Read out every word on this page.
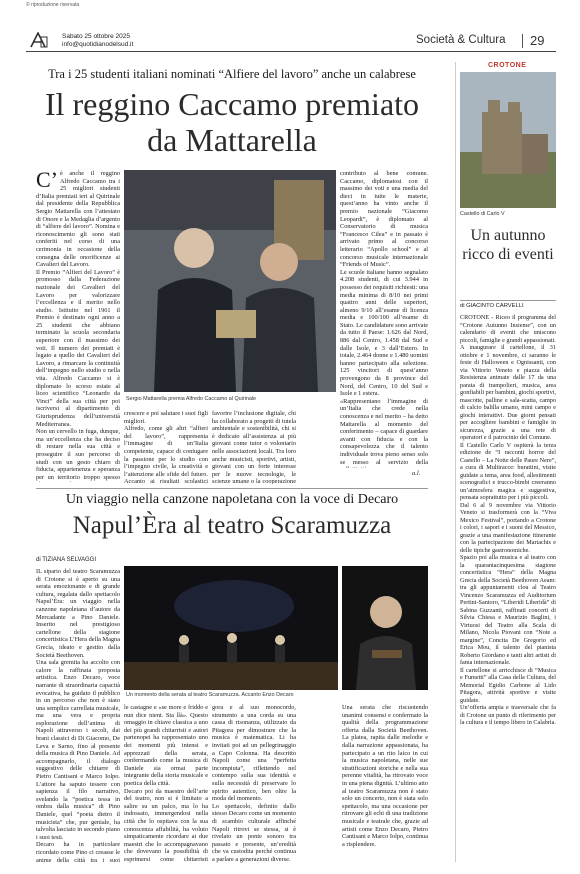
© riproduzione riservata
Sabato 25 ottobre 2025
info@quotidianodelsud.it	Società & Cultura 29
Tra i 25 studenti italiani nominati “Alfiere del lavoro” anche un calabrese
Il reggino Caccamo premiato da Mattarella
C’ è anche il reggino Alfredo Caccamo tra i 25 migliori studenti d’Italia premiati ieri al Quirinale dal presidente della Repubblica Sergio Mattarella con l’attestato di Onore e la Medaglia d’argento di “alfiere del lavoro”. Nomina e riconoscimento gli sono stati conferiti nel corso di una cerimonia in occasione della consegna delle onorificenze ai Cavalieri del Lavoro.
Il Premio “Alfieri del Lavoro” è promosso dalla Federazione nazionale dei Cavalieri del Lavoro per valorizzare l’eccellenza e il merito nello studio. Istituito nel 1961 il Premio è destinato ogni anno a 25 studenti che abbiano terminato la scuola secondaria superiore con il massimo dei voti. Il numero dei premiati è legato a quello dei Cavalieri del Lavoro, a rimarcare la continuità dell’impegno nello studio e nella vita. Alfredo Caccamo si è diplomato lo scorso estate al liceo scientifico “Leonardo da Vinci” della sua città per poi iscriversi al dipartimento di Giurisprudenza dell’università Mediterranea.
Non un cervello in fuga, dunque, ma un’eccellenza che ha deciso di restare nella sua città e proseguire il suo percorso di studi con un gesto chiaro di fiducia, appartenenza e speranza per un territorio troppo spesso

Sergio Mattarella premia Alfredo Caccamo al Quirinale

crescere e poi salutare i suoi figli migliori.
Alfredo, come gli altri “alfieri del lavoro”, rappresenta l’immagine di un’Italia competente, capace di coniugare la passione per lo studio con l’impegno civile, la creatività e l’attenzione alle sfide del futuro. Accanto ai risultati scolastici

favorire l’inclusione digitale, chi ha collaborato a progetti di tutela ambientale e sostenibilità, chi si è dedicato all’assistenza ai più giovani come tutor o volontario nelle associazioni locali. Tra loro anche musicisti, sportivi, artisti, giovani con un forte interesse per le nuove tecnologie, le scienze umane o la cooperazione

contributo al bene comune. Caccamo, diplomatosi con il massimo dei voti e una media del dieci in tutte le materie, quest’anno ha vinto anche il premio nazionale “Giacomo Leopardi”, è diplomato al Conservatorio di musica “Francesco Cilea” e in passato è arrivato primo al concorso letterario “Apollo school” e al concorso musicale internazionale “Friends of Music”.
Le scuole italiane hanno segnalato 4.208 studenti, di cui 3.944 in possesso dei requisiti richiesti: una media minima di 8/10 nei primi quattro anni delle superiori, almeno 9/10 all’esame di licenza media e 100/100 all’esame di Stato. Le candidature sono arrivate da tutto il Paese: 1.626 dal Nord, 886 dal Centro, 1.458 dal Sud e dalle Isole, e 3 dall’Estero. In totale, 2.464 donne e 1.480 uomini hanno partecipato alla selezione. 125 vincitori di quest’anno provengono da 8 province del Nord, del Centro, 10 del Sud e Isole e 1 estera.
«Rappresentano l’immagine di un’Italia che crede nella conoscenza e nel merito – ha detto Mattarella al momento del conferimento – capace di guardare avanti con fiducia e con la consapevolezza che il talento individuale trova pieno senso solo se messo al servizio della

a.l.
CROTONE
Castello di Carlo V
Un autunno ricco di eventi
di GIACINTO CARVELLI

CROTONE - Riceo il programma del “Crotone Autunno Insieme”, con un calendario di eventi che uniscono piccoli, famiglie e grandi appassionati.
A inaugurare il cartellone, il 31 ottobre e 1 novembre, ci saranno le feste di Halloween e Ognissanti, con via Vittorio Veneto e piazza della Resistenza animate dalle 17 da una parata di trampolieri, musica, area gonfiabili per bambini, giochi sportivi, mascotte, palline e sala-scatta, campo di calcio balilla umano, mini campo e giochi interattivi. Due giorni pensati per accogliere bambini e famiglie in sicurezza, grazie a una rete di operatori e il patrocinio del Comune.
Il Castello Carlo V ospiterà la terza edizione de “I racconti horror del Castello – La Notte delle Paure Nere”, a cura di Multiracce: burattini, visite guidate a tema, area food, allestimenti scenografici e trucco-bimbi creeranno un’atmosfera magica e suggestiva, pensata soprattutto per i più piccoli.
Dal 6 al 9 novembre via Vittorio Veneto si trasformerà con la “Viva Mexico Festival”, portando a Crotone i colori, i sapori e i suoni del Messico, grazie a una manifestazione itinerante con la partecipazione dei Mariachis e delle tipiche gastronomiche.
Spazio poi alla musica e al teatro con la quarantacinquesima stagione concertistica “Hera” della Magna Grecia della Società Beethoven Aeam: tra gli appuntamenti clou al Teatro Vincenzo Scaramuzza ed Auditorium Pertini-Santoro, “Liberidi Liberidà” di Sabina Guzzanti, raffinati concerti di Silvia Chiesa e Maurizio Baglini, i Virtuosi del Teatro alla Scala di Milano, Nicola Piovani con “Note a margine”, Concita De Gregorio ed Erica Mou, il talento del pianista Roberto Giordano e tanti altri artisti di fama internazionale.
Il cartellone si arricchisce di “Musica e Fumetti” alla Casa della Cultura, del Memorial Egidio Carbone al Lido Pitagora, attività sportive e visite guidate.
Un’offerta ampia e trasversale che fa di Crotone un punto di riferimento per la cultura e il tempo libero in Calabria.

Un viaggio nella canzone napoletana con la voce di Decaro
Napul’Èra al teatro Scaramuzza
di TIZIANA SELVAGGI

IL sipario del teatro Scaramuzza di Crotone si è aperto su una serata emozionante e di grande cultura, regalata dallo spettacolo Napul’Èra: un viaggio nella canzone napoletana d’autore da Mercadante a Pino Daniele. Inserito nel prestigioso cartellone della stagione concertistica L’Hera della Magna Grecia, ideato e gestito dalla Società Beethoven.
Una sala gremita ha accolto con calore la raffinata proposta artistica. Enzo Decaro, voce narrante di straordinaria capacità evocativa, ha guidato il pubblico in un percorso che non è stato una semplice carrellata musicale, ma una vera e propria esplorazione dell’anima di Napoli attraverso i secoli, dai brani classici di Di Giacomo, De Leva e Sarno, fino al presente della musica di Pino Daniele. Ad accompagnarlo, il dialogo suggestivo delle chitarre di Pietro Cantisani e Marco Iolpo. L’attore ha saputo tessere con sapienza il filo narrativo, svelando la “poetica tessa in ombra dalla musica” di Pino Daniele, quel “poeta dietro il musicista” che, pur geniale, ha talvolta lasciato in secondo piano i suoi testi.
Decaro ha in particolare ricordato come Pino ci creasse le anime della città tra i suoi

Un momento della serata al teatro Scaramuzza. Accanto Enzo Decaro

le castagne e «se more e friddo e nun dice nient. Sta llà». Questo omaggio in chiave classica a uno dei più grandi chitarristi e autori partenopei ha rappresentato uno dei momenti più intensi e apprezzati della serata, confermando come la musica di Daniele sia ormai parte integrante della storia musicale e poetica della città.
Decaro poi da maestro dell’arte del teatro, non si è limitato a salire su un palco, ma lo ha indossato, immergendosi nella città che lo ospitava con la sua conoscenza affabilità, ha voluto simpaticamente ricordare ai due maestri che lo accompagnavano che dovevano la possibilità di esprimersi come chitarristi

gora e al suo monocordo, strumento a una corda su una cassa di risonanza, utilizzato da Pitagora per dimostrare che la musica è matematica. Li ha invitati poi ad un pellegrinaggio a Capo Colonna. Ha descritto Napoli come una “perfetta incompiuta”, riflettendo nel contempo sulla sua identità e sulla necessità di preservare lo spirito autentico, ben oltre la moda del momento.
Lo spettacolo, definito dallo stesso Decaro come un momento di scambio culturale affinché Napoli ritrovi se stessa, si è rivelato un ponte sonoro tra passato e presente, un’eredità che va custodita perché continua a parlare a generazioni diverse.

Una serata che riscuotendo unanimi consensi e confermato la qualità della programmazione offerta dalla Società Beethoven. La platea, rapita dalle melodie e dalla narrazione appassionata, ha partecipato a un rito laico in cui la musica napoletana, nelle sue stratificazioni storiche e nella sua perenne vitalità, ha ritrovato voce in una piena dignità. L’ultimo atto al teatro Scaramuzza non è stato solo un concerto, non è stata solo spettacolo, ma una occasione per ritrovare gli echi di una tradizione musicale e teatrale che, grazie ad artisti come Enzo Decaro, Pietro Cantisani e Marco Iolpo, continua a risplendere.
